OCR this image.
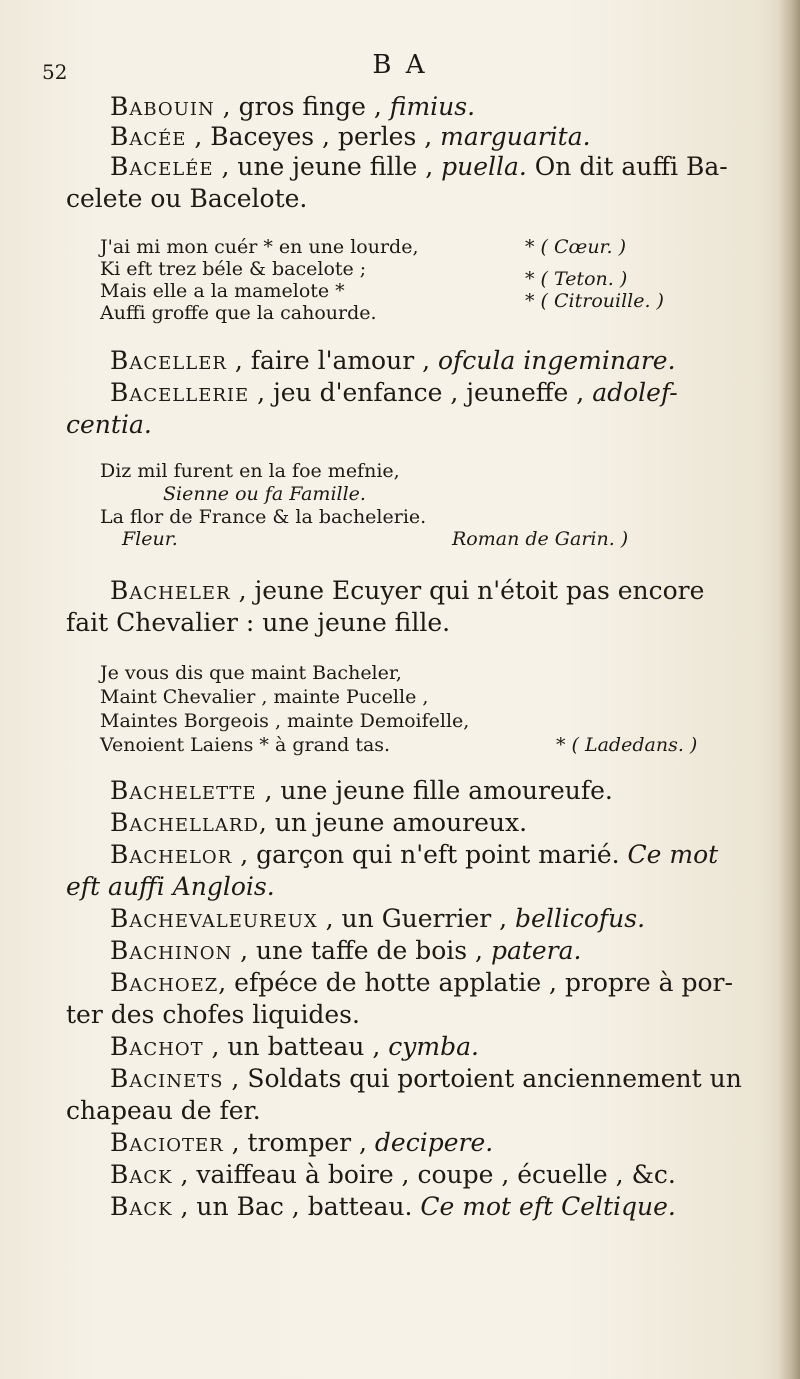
52	B A
Babouin , gros finge , fimius.
Bacée , Baceyes , perles , marguarita.
Bacelée , une jeune fille , puella. On dit auffi Ba-
celete ou Bacelote.
J'ai mi mon cuér * en une lourde,
Ki eft trez béle & bacelote ;
Mais elle a la mamelote *
Auffi groffe que la cahourde.
* ( Cœur. )
* ( Teton. )
* ( Citrouille. )
Baceller , faire l'amour , ofcula ingeminare.
Bacellerie , jeu d'enfance , jeuneffe , adolef-
centia.
Diz mil furent en la foe mefnie,
Sienne ou fa Famille.
La flor de France & la bachelerie.
Fleur.	Roman de Garin. )
Bacheler , jeune Ecuyer qui n'étoit pas encore
fait Chevalier : une jeune fille.
Je vous dis que maint Bacheler,
Maint Chevalier , mainte Pucelle ,
Maintes Borgeois , mainte Demoifelle,
Venoient Laiens * à grand tas.	* ( Ladedans. )
Bachelette , une jeune fille amoureufe.
Bachellard, un jeune amoureux.
Bachelor , garçon qui n'eft point marié. Ce mot
eft auffi Anglois.
Bachevaleureux , un Guerrier , bellicofus.
Bachinon , une taffe de bois , patera.
Bachoez, efpéce de hotte applatie , propre à por-
ter des chofes liquides.
Bachot , un batteau , cymba.
Bacinets , Soldats qui portoient anciennement un
chapeau de fer.
Bacioter , tromper , decipere.
Back , vaiffeau à boire , coupe , écuelle , &c.
Back , un Bac , batteau. Ce mot eft Celtique.
